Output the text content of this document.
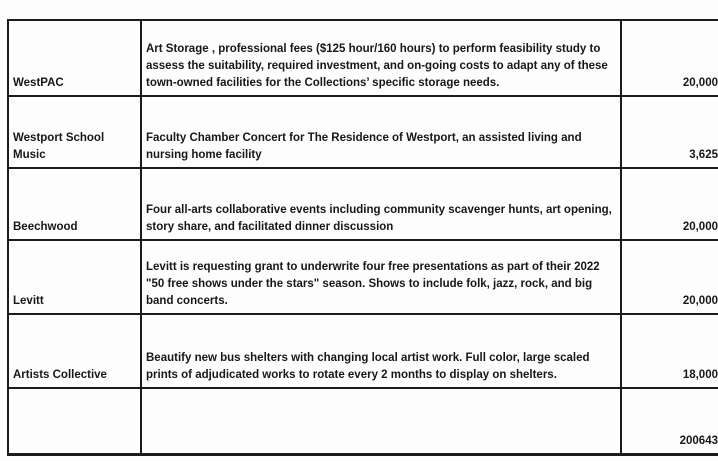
WestPAC	Art Storage , professional fees ($125 hour/160 hours) to perform feasibility study to assess the suitability, required investment, and on-going costs to adapt any of these town-owned facilities for the Collections’ specific storage needs.	20,000
Westport School Music	Faculty Chamber Concert for The Residence of Westport, an assisted living and nursing home facility	3,625
Beechwood	Four all-arts collaborative events including community scavenger hunts, art opening, story share, and facilitated dinner discussion	20,000
Levitt	Levitt is requesting grant to underwrite four free presentations as part of their 2022 "50 free shows under the stars" season. Shows to include folk, jazz, rock, and big band concerts.	20,000
Artists Collective	Beautify new bus shelters with changing local artist work. Full color, large scaled prints of adjudicated works to rotate every 2 months to display on shelters.	18,000
		200643
